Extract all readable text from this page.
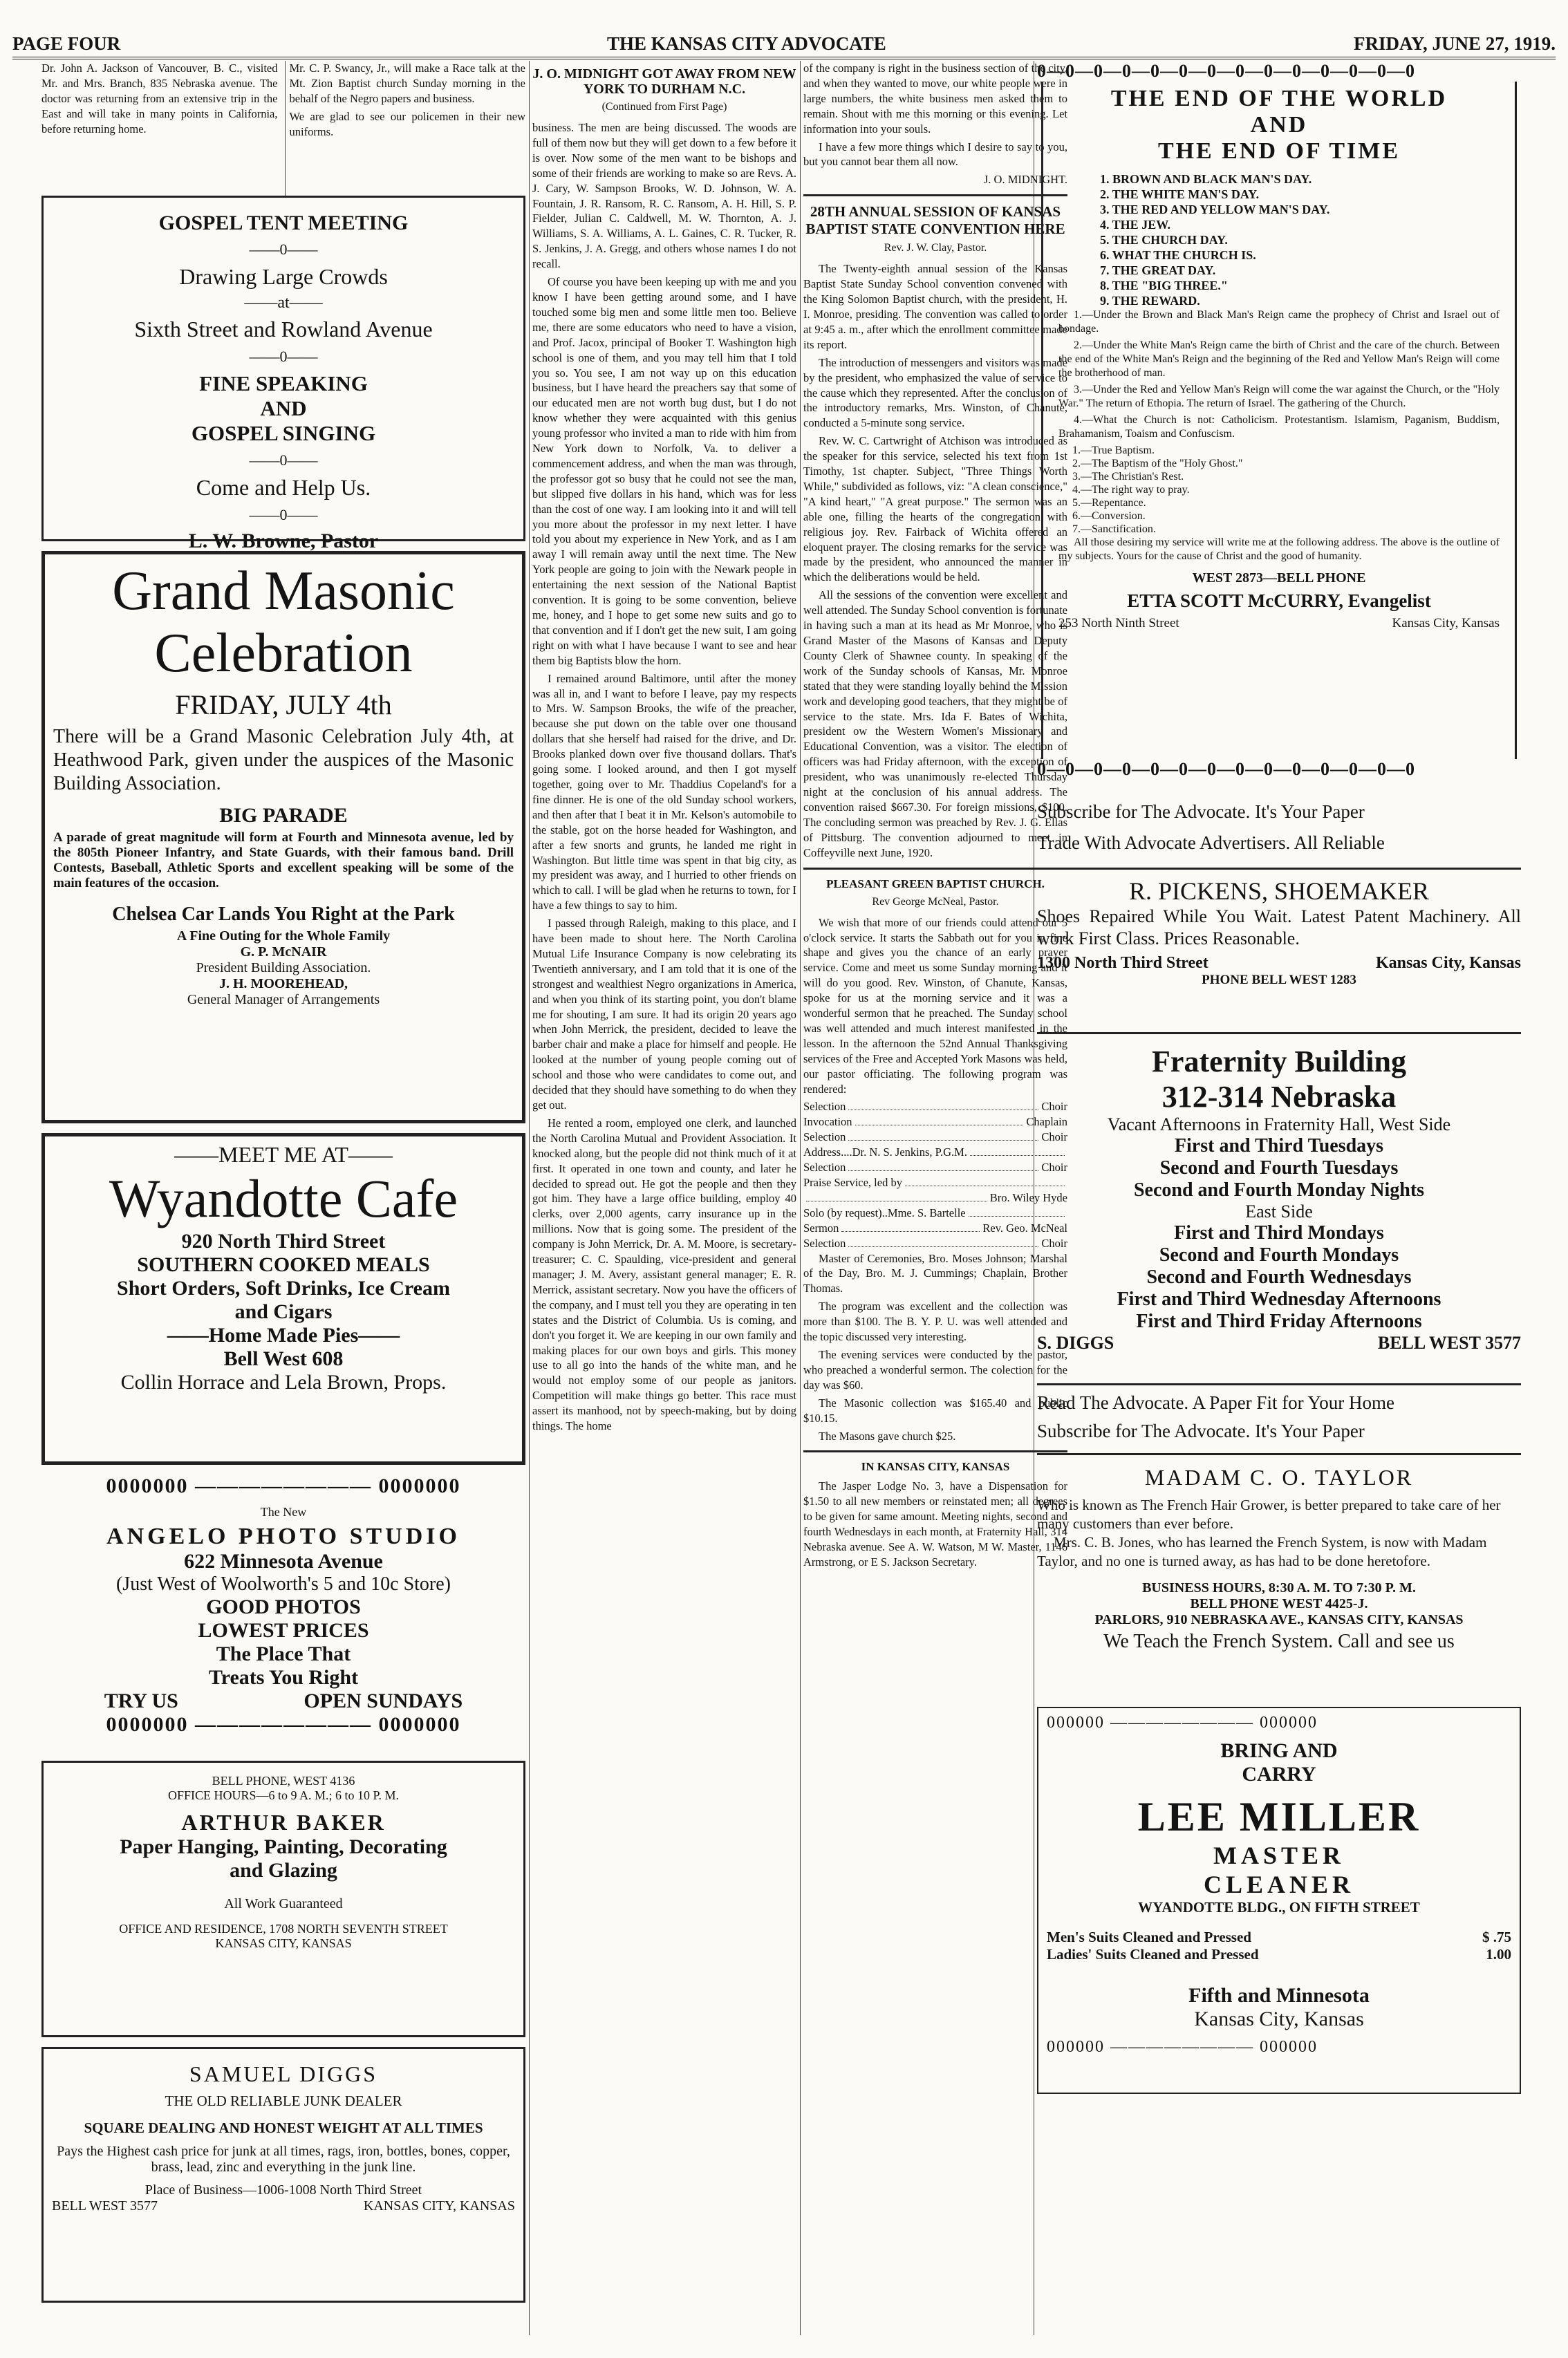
PAGE FOUR	THE KANSAS CITY ADVOCATE	FRIDAY, JUNE 27, 1919.

Dr. John A. Jackson of Vancouver, B. C., visited Mr. and Mrs. Branch, 835 Nebraska avenue. The doctor was returning from an extensive trip in the East and will take in many points in California, before returning home.

Mr. C. P. Swancy, Jr., will make a Race talk at the Mt. Zion Baptist church Sunday morning in the behalf of the Negro papers and business.

We are glad to see our policemen in their new uniforms.

GOSPEL TENT MEETING
——0——
Drawing Large Crowds
——at——
Sixth Street and Rowland Avenue
——0——
FINE SPEAKING
AND
GOSPEL SINGING
——0——
Come and Help Us.
——0——
L. W. Browne, Pastor
Grand Masonic
Celebration
FRIDAY, JULY 4th
There will be a Grand Masonic Celebration July 4th, at Heathwood Park, given under the auspices of the Masonic Building Association.
BIG PARADE
A parade of great magnitude will form at Fourth and Minnesota avenue, led by the 805th Pioneer Infantry, and State Guards, with their famous band. Drill Contests, Baseball, Athletic Sports and excellent speaking will be some of the main features of the occasion.
Chelsea Car Lands You Right at the Park
A Fine Outing for the Whole Family
G. P. McNAIR
President Building Association.
J. H. MOOREHEAD,
General Manager of Arrangements
——MEET ME AT——
Wyandotte Cafe
920 North Third Street
SOUTHERN COOKED MEALS
Short Orders, Soft Drinks, Ice Cream
and Cigars
——Home Made Pies——
Bell West 608
Collin Horrace and Lela Brown, Props.
0000000 ———————— 0000000
The New
ANGELO PHOTO STUDIO
622 Minnesota Avenue
(Just West of Woolworth's 5 and 10c Store)
GOOD PHOTOS
LOWEST PRICES
The Place That
Treats You Right
TRY US	OPEN SUNDAYS
0000000 ———————— 0000000
BELL PHONE, WEST 4136
OFFICE HOURS—6 to 9 A. M.; 6 to 10 P. M.
ARTHUR BAKER
Paper Hanging, Painting, Decorating
and Glazing
All Work Guaranteed
OFFICE AND RESIDENCE, 1708 NORTH SEVENTH STREET
KANSAS CITY, KANSAS
SAMUEL DIGGS
THE OLD RELIABLE JUNK DEALER
SQUARE DEALING AND HONEST WEIGHT AT ALL TIMES
Pays the Highest cash price for junk at all times, rags, iron, bottles, bones, copper, brass, lead, zinc and everything in the junk line.
Place of Business—1006-1008 North Third Street
BELL WEST 3577	KANSAS CITY, KANSAS
J. O. MIDNIGHT GOT AWAY FROM NEW YORK TO DURHAM N.C.
(Continued from First Page)

business. The men are being discussed. The woods are full of them now but they will get down to a few before it is over. Now some of the men want to be bishops and some of their friends are working to make so are Revs. A. J. Cary, W. Sampson Brooks, W. D. Johnson, W. A. Fountain, J. R. Ransom, R. C. Ransom, A. H. Hill, S. P. Fielder, Julian C. Caldwell, M. W. Thornton, A. J. Williams, S. A. Williams, A. L. Gaines, C. R. Tucker, R. S. Jenkins, J. A. Gregg, and others whose names I do not recall.

Of course you have been keeping up with me and you know I have been getting around some, and I have touched some big men and some little men too. Believe me, there are some educators who need to have a vision, and Prof. Jacox, principal of Booker T. Washington high school is one of them, and you may tell him that I told you so. You see, I am not way up on this education business, but I have heard the preachers say that some of our educated men are not worth bug dust, but I do not know whether they were acquainted with this genius young professor who invited a man to ride with him from New York down to Norfolk, Va. to deliver a commencement address, and when the man was through, the professor got so busy that he could not see the man, but slipped five dollars in his hand, which was for less than the cost of one way. I am looking into it and will tell you more about the professor in my next letter. I have told you about my experience in New York, and as I am away I will remain away until the next time. The New York people are going to join with the Newark people in entertaining the next session of the National Baptist convention. It is going to be some convention, believe me, honey, and I hope to get some new suits and go to that convention and if I don't get the new suit, I am going right on with what I have because I want to see and hear them big Baptists blow the horn.

I remained around Baltimore, until after the money was all in, and I want to before I leave, pay my respects to Mrs. W. Sampson Brooks, the wife of the preacher, because she put down on the table over one thousand dollars that she herself had raised for the drive, and Dr. Brooks planked down over five thousand dollars. That's going some. I looked around, and then I got myself together, going over to Mr. Thaddius Copeland's for a fine dinner. He is one of the old Sunday school workers, and then after that I beat it in Mr. Kelson's automobile to the stable, got on the horse headed for Washington, and after a few snorts and grunts, he landed me right in Washington. But little time was spent in that big city, as my president was away, and I hurried to other friends on which to call. I will be glad when he returns to town, for I have a few things to say to him.

I passed through Raleigh, making to this place, and I have been made to shout here. The North Carolina Mutual Life Insurance Company is now celebrating its Twentieth anniversary, and I am told that it is one of the strongest and wealthiest Negro organizations in America, and when you think of its starting point, you don't blame me for shouting, I am sure. It had its origin 20 years ago when John Merrick, the president, decided to leave the barber chair and make a place for himself and people. He looked at the number of young people coming out of school and those who were candidates to come out, and decided that they should have something to do when they get out.

He rented a room, employed one clerk, and launched the North Carolina Mutual and Provident Association. It knocked along, but the people did not think much of it at first. It operated in one town and county, and later he decided to spread out. He got the people and then they got him. They have a large office building, employ 40 clerks, over 2,000 agents, carry insurance up in the millions. Now that is going some. The president of the company is John Merrick, Dr. A. M. Moore, is secretary-treasurer; C. C. Spaulding, vice-president and general manager; J. M. Avery, assistant general manager; E. R. Merrick, assistant secretary. Now you have the officers of the company, and I must tell you they are operating in ten states and the District of Columbia. Us is coming, and don't you forget it. We are keeping in our own family and making places for our own boys and girls. This money use to all go into the hands of the white man, and he would not employ some of our people as janitors. Competition will make things go better. This race must assert its manhood, not by speech-making, but by doing things. The home

of the company is right in the business section of the city, and when they wanted to move, our white people were in large numbers, the white business men asked them to remain. Shout with me this morning or this evening. Let information into your souls.

I have a few more things which I desire to say to you, but you cannot bear them all now.

J. O. MIDNIGHT.

28TH ANNUAL SESSION OF KANSAS BAPTIST STATE CONVENTION HERE
Rev. J. W. Clay, Pastor.

The Twenty-eighth annual session of the Kansas Baptist State Sunday School convention convened with the King Solomon Baptist church, with the president, H. I. Monroe, presiding. The convention was called to order at 9:45 a. m., after which the enrollment committee made its report.

The introduction of messengers and visitors was made by the president, who emphasized the value of service to the cause which they represented. After the conclusion of the introductory remarks, Mrs. Winston, of Chanute, conducted a 5-minute song service.

Rev. W. C. Cartwright of Atchison was introduced as the speaker for this service, selected his text from 1st Timothy, 1st chapter. Subject, "Three Things Worth While," subdivided as follows, viz: "A clean conscience," "A kind heart," "A great purpose." The sermon was an able one, filling the hearts of the congregation with religious joy. Rev. Fairback of Wichita offered an eloquent prayer. The closing remarks for the service was made by the president, who announced the manner in which the deliberations would be held.

All the sessions of the convention were excellent and well attended. The Sunday School convention is fortunate in having such a man at its head as Mr Monroe, who is Grand Master of the Masons of Kansas and Deputy County Clerk of Shawnee county. In speaking of the work of the Sunday schools of Kansas, Mr. Monroe stated that they were standing loyally behind the Mission work and developing good teachers, that they might be of service to the state. Mrs. Ida F. Bates of Wichita, president ow the Western Women's Missionary and Educational Convention, was a visitor. The election of officers was had Friday afternoon, with the exception of president, who was unanimously re-elected Thursday night at the conclusion of his annual address. The convention raised $667.30. For foreign missions, $100. The concluding sermon was preached by Rev. J. G. Ellas of Pittsburg. The convention adjourned to meet in Coffeyville next June, 1920.

PLEASANT GREEN BAPTIST CHURCH.
Rev George McNeal, Pastor.

We wish that more of our friends could attend our 5 o'clock service. It starts the Sabbath out for you in fine shape and gives you the chance of an early prayer service. Come and meet us some Sunday morning and it will do you good. Rev. Winston, of Chanute, Kansas, spoke for us at the morning service and it was a wonderful sermon that he preached. The Sunday school was well attended and much interest manifested in the lesson. In the afternoon the 52nd Annual Thanksgiving services of the Free and Accepted York Masons was held, our pastor officiating. The following program was rendered:

Selection	Choir
Invocation	Chaplain
Selection	Choir
Address....Dr. N. S. Jenkins, P.G.M.
Selection	Choir
Praise Service, led by
Bro. Wiley Hyde
Solo (by request)..Mme. S. Bartelle
Sermon	Rev. Geo. McNeal
Selection	Choir

Master of Ceremonies, Bro. Moses Johnson; Marshal of the Day, Bro. M. J. Cummings; Chaplain, Brother Thomas.

The program was excellent and the collection was more than $100. The B. Y. P. U. was well attended and the topic discussed very interesting.

The evening services were conducted by the pastor, who preached a wonderful sermon. The colection for the day was $60.

The Masonic collection was $165.40 and public $10.15.

The Masons gave church $25.

IN KANSAS CITY, KANSAS

The Jasper Lodge No. 3, have a Dispensation for $1.50 to all new members or reinstated men; all degrees to be given for same amount. Meeting nights, second and fourth Wednesdays in each month, at Fraternity Hall, 314 Nebraska avenue. See A. W. Watson, M W. Master, 1146 Armstrong, or E S. Jackson Secretary.

0—0—0—0—0—0—0—0—0—0—0—0—0—0
THE END OF THE WORLD
AND
THE END OF TIME

1. BROWN AND BLACK MAN'S DAY.

2. THE WHITE MAN'S DAY.

3. THE RED AND YELLOW MAN'S DAY.

4. THE JEW.

5. THE CHURCH DAY.

6. WHAT THE CHURCH IS.

7. THE GREAT DAY.

8. THE "BIG THREE."

9. THE REWARD.

1.—Under the Brown and Black Man's Reign came the prophecy of Christ and Israel out of bondage.

2.—Under the White Man's Reign came the birth of Christ and the care of the church. Between the end of the White Man's Reign and the beginning of the Red and Yellow Man's Reign will come the brotherhood of man.

3.—Under the Red and Yellow Man's Reign will come the war against the Church, or the "Holy War." The return of Ethopia. The return of Israel. The gathering of the Church.

4.—What the Church is not: Catholicism. Protestantism. Islamism, Paganism, Buddism, Brahamanism, Toaism and Confuscism.

1.—True Baptism.

2.—The Baptism of the "Holy Ghost."

3.—The Christian's Rest.

4.—The right way to pray.

5.—Repentance.

6.—Conversion.

7.—Sanctification.

All those desiring my service will write me at the following address. The above is the outline of my subjects. Yours for the cause of Christ and the good of humanity.

WEST 2873—BELL PHONE
ETTA SCOTT McCURRY, Evangelist
253 North Ninth Street	Kansas City, Kansas
0—0—0—0—0—0—0—0—0—0—0—0—0—0
Subscribe for The Advocate. It's Your Paper
Trade With Advocate Advertisers. All Reliable
R. PICKENS, SHOEMAKER
Shoes Repaired While You Wait. Latest Patent Machinery. All work First Class. Prices Reasonable.
1300 North Third Street	Kansas City, Kansas
PHONE BELL WEST 1283
Fraternity Building
312-314 Nebraska
Vacant Afternoons in Fraternity Hall, West Side
First and Third Tuesdays
Second and Fourth Tuesdays
Second and Fourth Monday Nights
East Side
First and Third Mondays
Second and Fourth Mondays
Second and Fourth Wednesdays
First and Third Wednesday Afternoons
First and Third Friday Afternoons
S. DIGGS	BELL WEST 3577
Read The Advocate. A Paper Fit for Your Home
Subscribe for The Advocate. It's Your Paper
MADAM C. O. TAYLOR
Who is known as The French Hair Grower, is better prepared to take care of her many customers than ever before.
Mrs. C. B. Jones, who has learned the French System, is now with Madam Taylor, and no one is turned away, as has had to be done heretofore.
BUSINESS HOURS, 8:30 A. M. TO 7:30 P. M.
BELL PHONE WEST 4425-J.
PARLORS, 910 NEBRASKA AVE., KANSAS CITY, KANSAS
We Teach the French System. Call and see us
000000 ———————— 000000
BRING AND
CARRY
LEE MILLER
MASTER
CLEANER
WYANDOTTE BLDG., ON FIFTH STREET
Men's Suits Cleaned and Pressed	$ .75
Ladies' Suits Cleaned and Pressed	1.00
Fifth and Minnesota
Kansas City, Kansas
000000 ———————— 000000
